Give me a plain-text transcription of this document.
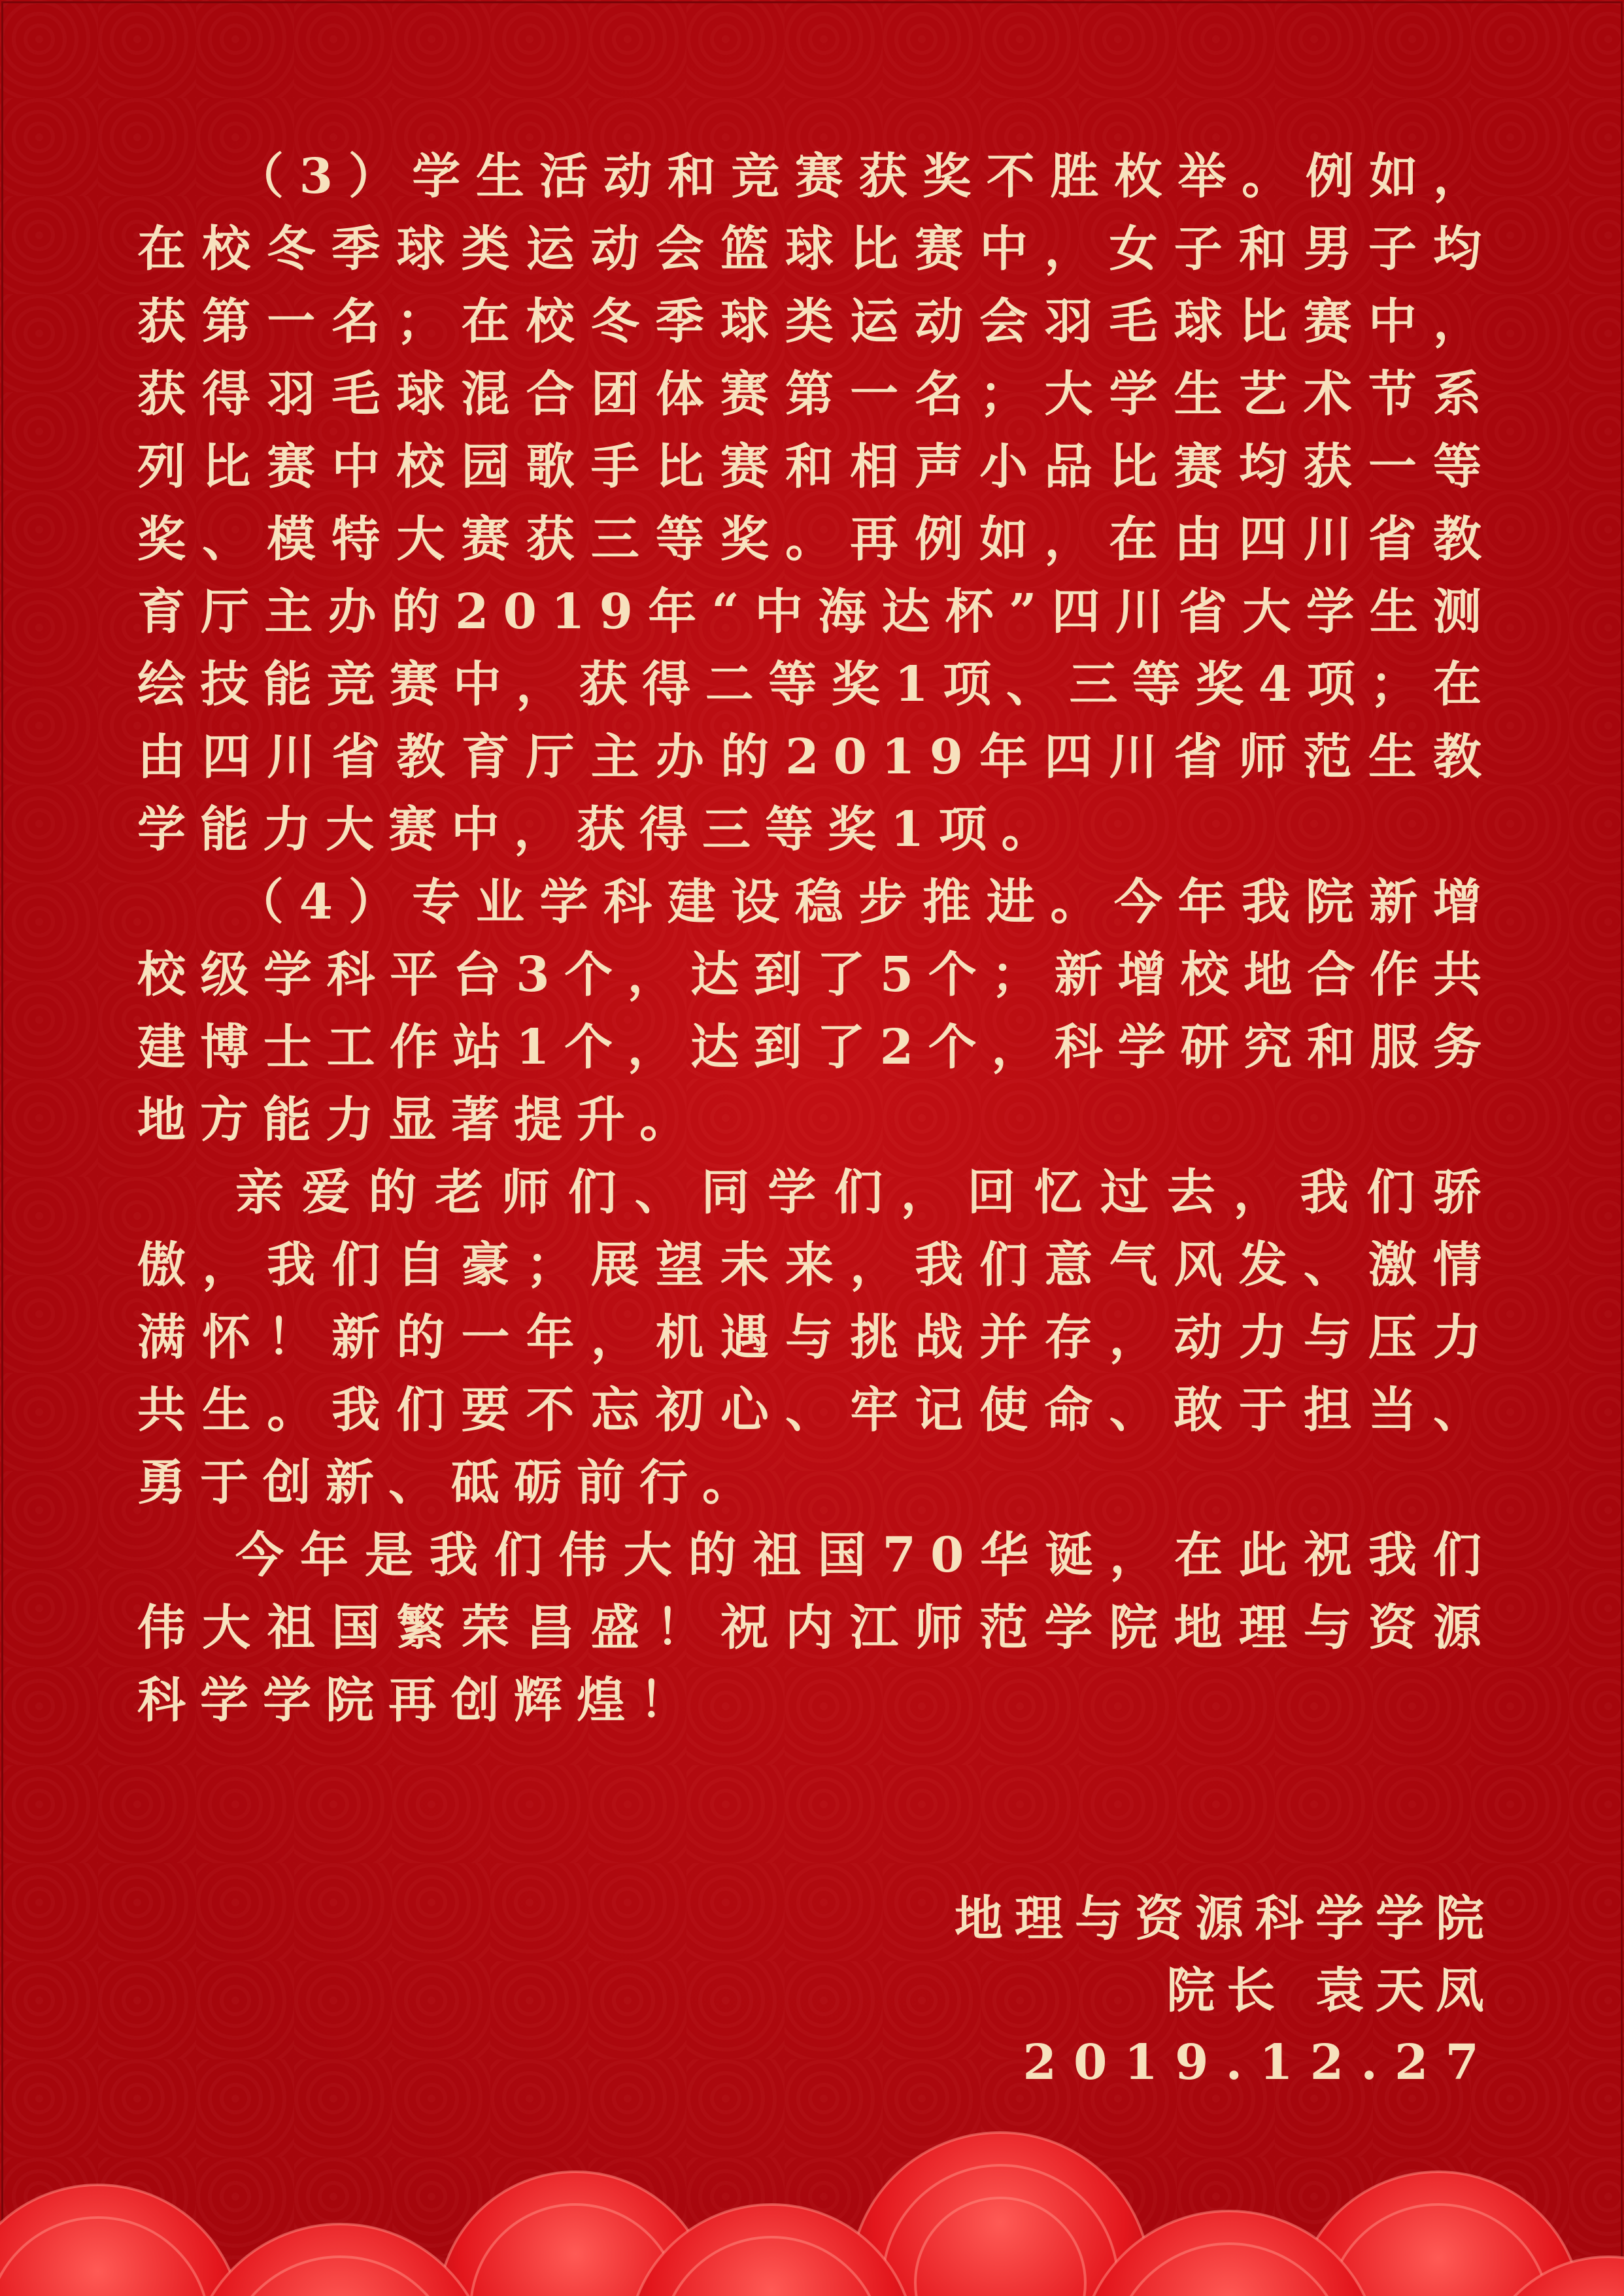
（3）学生活动和竞赛获奖不胜枚举。例如，在校冬季球类运动会篮球比赛中，女子和男子均获第一名；在校冬季球类运动会羽毛球比赛中，获得羽毛球混合团体赛第一名；大学生艺术节系列比赛中校园歌手比赛和相声小品比赛均获一等奖、模特大赛获三等奖。再例如，在由四川省教育厅主办的2019年“中海达杯”四川省大学生测绘技能竞赛中，获得二等奖1项、三等奖4项；在由四川省教育厅主办的2019年四川省师范生教学能力大赛中，获得三等奖1项。

（4）专业学科建设稳步推进。今年我院新增校级学科平台3个，达到了5个；新增校地合作共建博士工作站1个，达到了2个，科学研究和服务地方能力显著提升。

亲爱的老师们、同学们，回忆过去，我们骄傲，我们自豪；展望未来，我们意气风发、激情满怀！新的一年，机遇与挑战并存，动力与压力共生。我们要不忘初心、牢记使命、敢于担当、勇于创新、砥砺前行。

今年是我们伟大的祖国70华诞，在此祝我们伟大祖国繁荣昌盛！祝内江师范学院地理与资源科学学院再创辉煌！

地理与资源科学学院
院长 袁天凤
2019.12.27
